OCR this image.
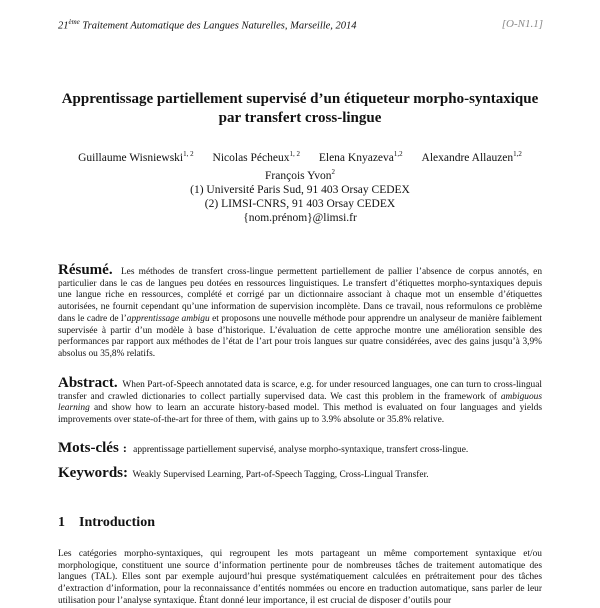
21ème Traitement Automatique des Langues Naturelles, Marseille, 2014	[O-N1.1]
Apprentissage partiellement supervisé d’un étiqueteur morpho-syntaxique par transfert cross-lingue
Guillaume Wisniewski$^{1, 2}$ Nicolas Pécheux$^{1, 2}$ Elena Knyazeva$^{1,2}$ Alexandre Allauzen$^{1,2}$
François Yvon$^2$
(1) Université Paris Sud, 91 403 Orsay CEDEX
(2) LIMSI-CNRS, 91 403 Orsay CEDEX
{nom.prénom}@limsi.fr
Résumé. Les méthodes de transfert cross-lingue permettent partiellement de pallier l’absence de corpus annotés, en particulier dans le cas de langues peu dotées en ressources linguistiques. Le transfert d’étiquettes morpho-syntaxiques depuis une langue riche en ressources, complété et corrigé par un dictionnaire associant à chaque mot un ensemble d’étiquettes autorisées, ne fournit cependant qu’une information de supervision incomplète. Dans ce travail, nous reformulons ce problème dans le cadre de l’apprentissage ambigu et proposons une nouvelle méthode pour apprendre un analyseur de manière faiblement supervisée à partir d’un modèle à base d’historique. L’évaluation de cette approche montre une amélioration sensible des performances par rapport aux méthodes de l’état de l’art pour trois langues sur quatre considérées, avec des gains jusqu’à 3,9% absolus ou 35,8% relatifs.
Abstract. When Part-of-Speech annotated data is scarce, e.g. for under resourced languages, one can turn to cross-lingual transfer and crawled dictionaries to collect partially supervised data. We cast this problem in the framework of ambiguous learning and show how to learn an accurate history-based model. This method is evaluated on four languages and yields improvements over state-of-the-art for three of them, with gains up to 3.9% absolute or 35.8% relative.
Mots-clés : apprentissage partiellement supervisé, analyse morpho-syntaxique, transfert cross-lingue.
Keywords: Weakly Supervised Learning, Part-of-Speech Tagging, Cross-Lingual Transfer.
1 Introduction
Les catégories morpho-syntaxiques, qui regroupent les mots partageant un même comportement syntaxique et/ou morphologique, constituent une source d’information pertinente pour de nombreuses tâches de traitement automatique des langues (TAL). Elles sont par exemple aujourd’hui presque systématiquement calculées en prétraitement pour des tâches d’extraction d’information, pour la reconnaissance d’entités nommées ou encore en traduction automatique, sans parler de leur utilisation pour l’analyse syntaxique. Étant donné leur importance, il est crucial de disposer d’outils pour
